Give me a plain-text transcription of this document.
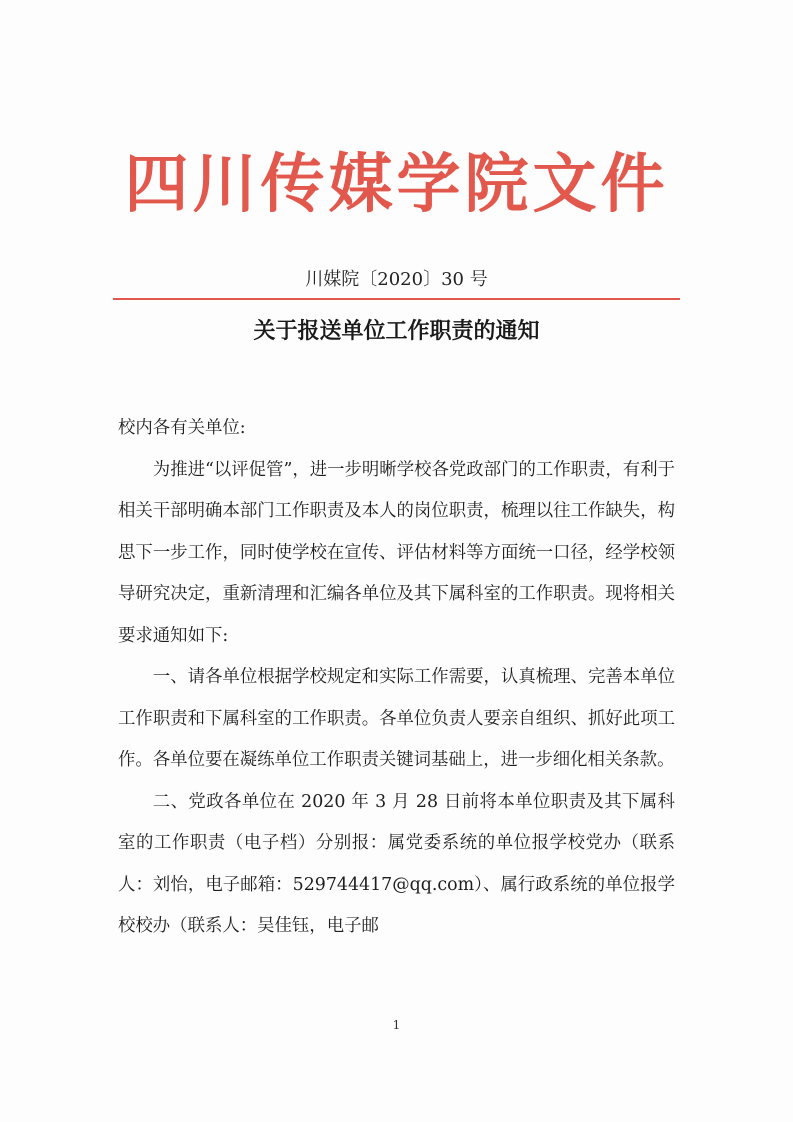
四川传媒学院文件
川媒院〔2020〕30 号
关于报送单位工作职责的通知

校内各有关单位:

为推进“以评促管”，进一步明晰学校各党政部门的工作职责，有利于相关干部明确本部门工作职责及本人的岗位职责，梳理以往工作缺失，构思下一步工作，同时使学校在宣传、评估材料等方面统一口径，经学校领导研究决定，重新清理和汇编各单位及其下属科室的工作职责。现将相关要求通知如下:

一、请各单位根据学校规定和实际工作需要，认真梳理、完善本单位工作职责和下属科室的工作职责。各单位负责人要亲自组织、抓好此项工作。各单位要在凝练单位工作职责关键词基础上，进一步细化相关条款。

二、党政各单位在 2020 年 3 月 28 日前将本单位职责及其下属科室的工作职责（电子档）分别报：属党委系统的单位报学校党办（联系人：刘怡，电子邮箱：529744417@qq.com）、属行政系统的单位报学校校办（联系人：吴佳钰，电子邮

1
